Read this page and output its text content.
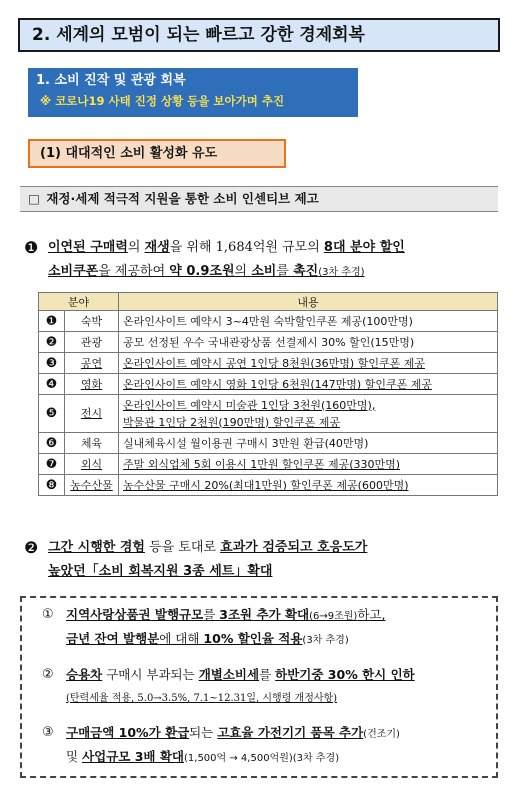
2. 세계의 모범이 되는 빠르고 강한 경제회복
1. 소비 진작 및 관광 회복
※ 코로나19 사태 진정 상황 등을 보아가며 추진
(1) 대대적인 소비 활성화 유도
□ 재정·세제 적극적 지원을 통한 소비 인센티브 제고
❶ 이연된 구매력의 재생을 위해 1,684억원 규모의 8대 분야 할인
소비쿠폰을 제공하여 약 0.9조원의 소비를 촉진(3차 추경)
분야		내용
❶	숙박	온라인사이트 예약시 3~4만원 숙박할인쿠폰 제공(100만명)
❷	관광	공모 선정된 우수 국내관광상품 선결제시 30% 할인(15만명)
❸	공연	온라인사이트 예약시 공연 1인당 8천원(36만명) 할인쿠폰 제공
❹	영화	온라인사이트 예약시 영화 1인당 6천원(147만명) 할인쿠폰 제공
❺	전시	온라인사이트 예약시 미술관 1인당 3천원(160만명),
박물관 1인당 2천원(190만명) 할인쿠폰 제공
❻	체육	실내체육시설 월이용권 구매시 3만원 환급(40만명)
❼	외식	주말 외식업체 5회 이용시 1만원 할인쿠폰 제공(330만명)
❽	농수산물	농수산물 구매시 20%(최대1만원) 할인쿠폰 제공(600만명)
❷ 그간 시행한 경험 등을 토대로 효과가 검증되고 호응도가
높았던「소비 회복지원 3종 세트」확대
① 지역사랑상품권 발행규모를 3조원 추가 확대(6→9조원)하고,
금년 잔여 발행분에 대해 10% 할인율 적용(3차 추경)
② 승용차 구매시 부과되는 개별소비세를 하반기중 30% 한시 인하
(탄력세율 적용, 5.0→3.5%, 7.1~12.31일, 시행령 개정사항)
③ 구매금액 10%가 환급되는 고효율 가전기기 품목 추가(건조기)
및 사업규모 3배 확대(1,500억 → 4,500억원)(3차 추경)
